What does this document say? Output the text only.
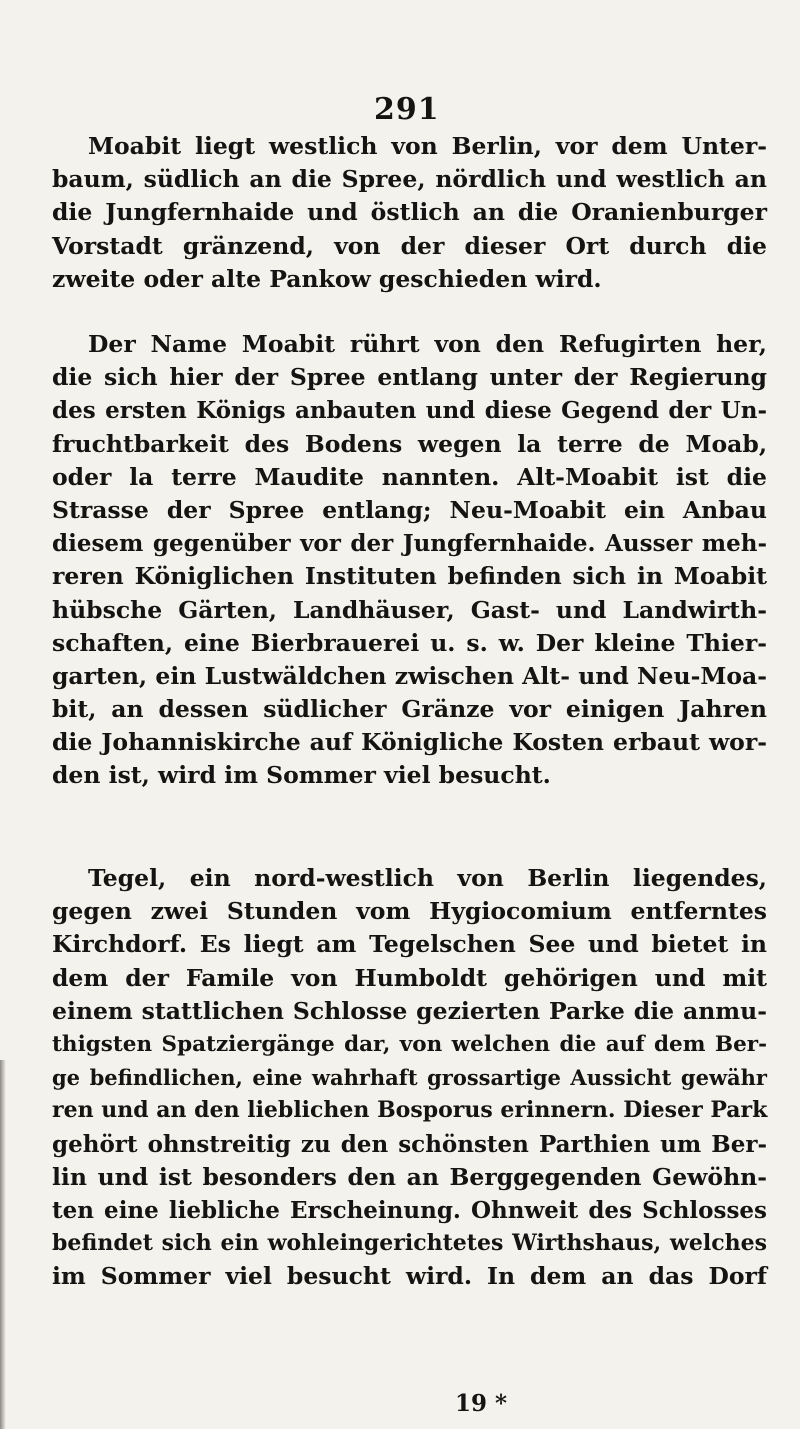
291
Moabit liegt westlich von Berlin, vor dem Unter-
baum, südlich an die Spree, nördlich und westlich an
die Jungfernhaide und östlich an die Oranienburger
Vorstadt gränzend, von der dieser Ort durch die
zweite oder alte Pankow geschieden wird.
Der Name Moabit rührt von den Refugirten her,
die sich hier der Spree entlang unter der Regierung
des ersten Königs anbauten und diese Gegend der Un-
fruchtbarkeit des Bodens wegen la terre de Moab,
oder la terre Maudite nannten. Alt-Moabit ist die
Strasse der Spree entlang; Neu-Moabit ein Anbau
diesem gegenüber vor der Jungfernhaide. Ausser meh-
reren Königlichen Instituten befinden sich in Moabit
hübsche Gärten, Landhäuser, Gast- und Landwirth-
schaften, eine Bierbrauerei u. s. w. Der kleine Thier-
garten, ein Lustwäldchen zwischen Alt- und Neu-Moa-
bit, an dessen südlicher Gränze vor einigen Jahren
die Johanniskirche auf Königliche Kosten erbaut wor-
den ist, wird im Sommer viel besucht.
Tegel, ein nord-westlich von Berlin liegendes,
gegen zwei Stunden vom Hygiocomium entferntes
Kirchdorf. Es liegt am Tegelschen See und bietet in
dem der Famile von Humboldt gehörigen und mit
einem stattlichen Schlosse gezierten Parke die anmu-
thigsten Spatziergänge dar, von welchen die auf dem Ber-
ge befindlichen, eine wahrhaft grossartige Aussicht gewähr
ren und an den lieblichen Bosporus erinnern. Dieser Park
gehört ohnstreitig zu den schönsten Parthien um Ber-
lin und ist besonders den an Berggegenden Gewöhn-
ten eine liebliche Erscheinung. Ohnweit des Schlosses
befindet sich ein wohleingerichtetes Wirthshaus, welches
im Sommer viel besucht wird. In dem an das Dorf
19 *
